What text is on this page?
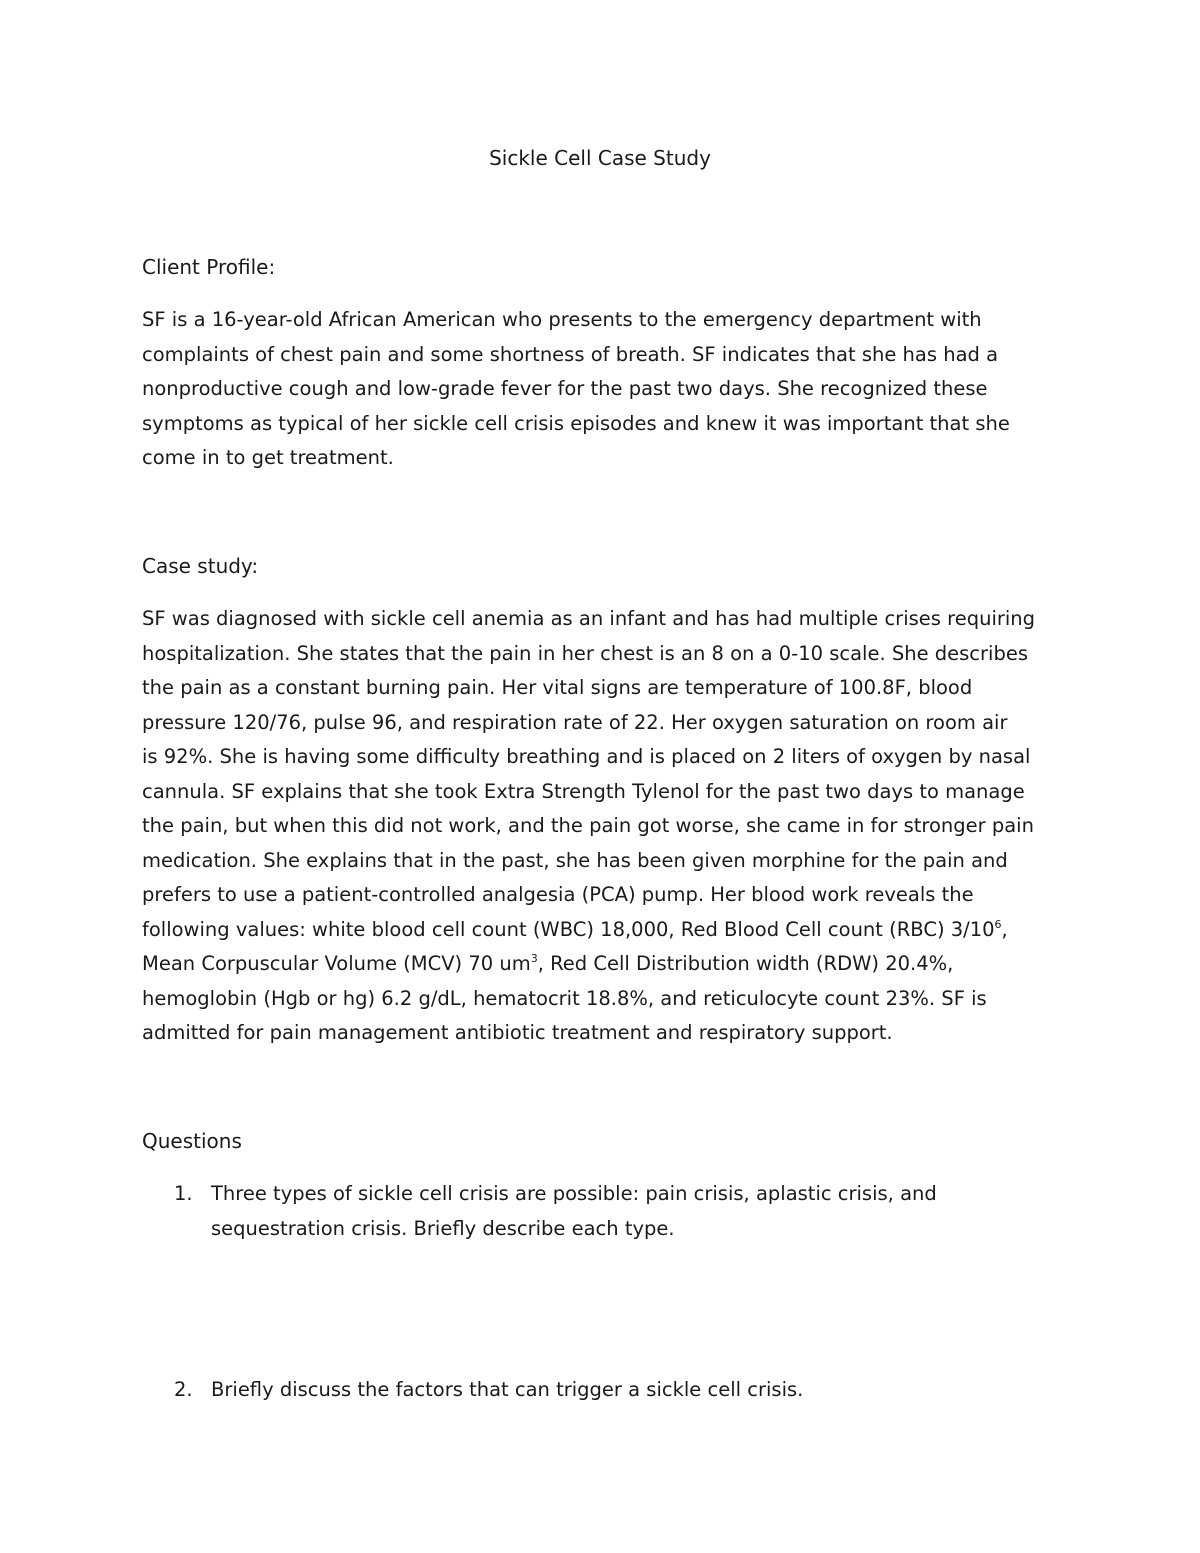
Sickle Cell Case Study
Client Profile:
SF is a 16-year-old African American who presents to the emergency department with
complaints of chest pain and some shortness of breath. SF indicates that she has had a
nonproductive cough and low-grade fever for the past two days. She recognized these
symptoms as typical of her sickle cell crisis episodes and knew it was important that she
come in to get treatment.
Case study:
SF was diagnosed with sickle cell anemia as an infant and has had multiple crises requiring
hospitalization. She states that the pain in her chest is an 8 on a 0-10 scale. She describes
the pain as a constant burning pain. Her vital signs are temperature of 100.8F, blood
pressure 120/76, pulse 96, and respiration rate of 22. Her oxygen saturation on room air
is 92%. She is having some difficulty breathing and is placed on 2 liters of oxygen by nasal
cannula. SF explains that she took Extra Strength Tylenol for the past two days to manage
the pain, but when this did not work, and the pain got worse, she came in for stronger pain
medication. She explains that in the past, she has been given morphine for the pain and
prefers to use a patient-controlled analgesia (PCA) pump. Her blood work reveals the
following values: white blood cell count (WBC) 18,000, Red Blood Cell count (RBC) $3/10^6$,
Mean Corpuscular Volume (MCV) 70 $um^3$, Red Cell Distribution width (RDW) 20.4%,
hemoglobin (Hgb or hg) 6.2 g/dL, hematocrit 18.8%, and reticulocyte count 23%. SF is
admitted for pain management antibiotic treatment and respiratory support.
Questions
1. Three types of sickle cell crisis are possible: pain crisis, aplastic crisis, and
sequestration crisis. Briefly describe each type.
2. Briefly discuss the factors that can trigger a sickle cell crisis.
